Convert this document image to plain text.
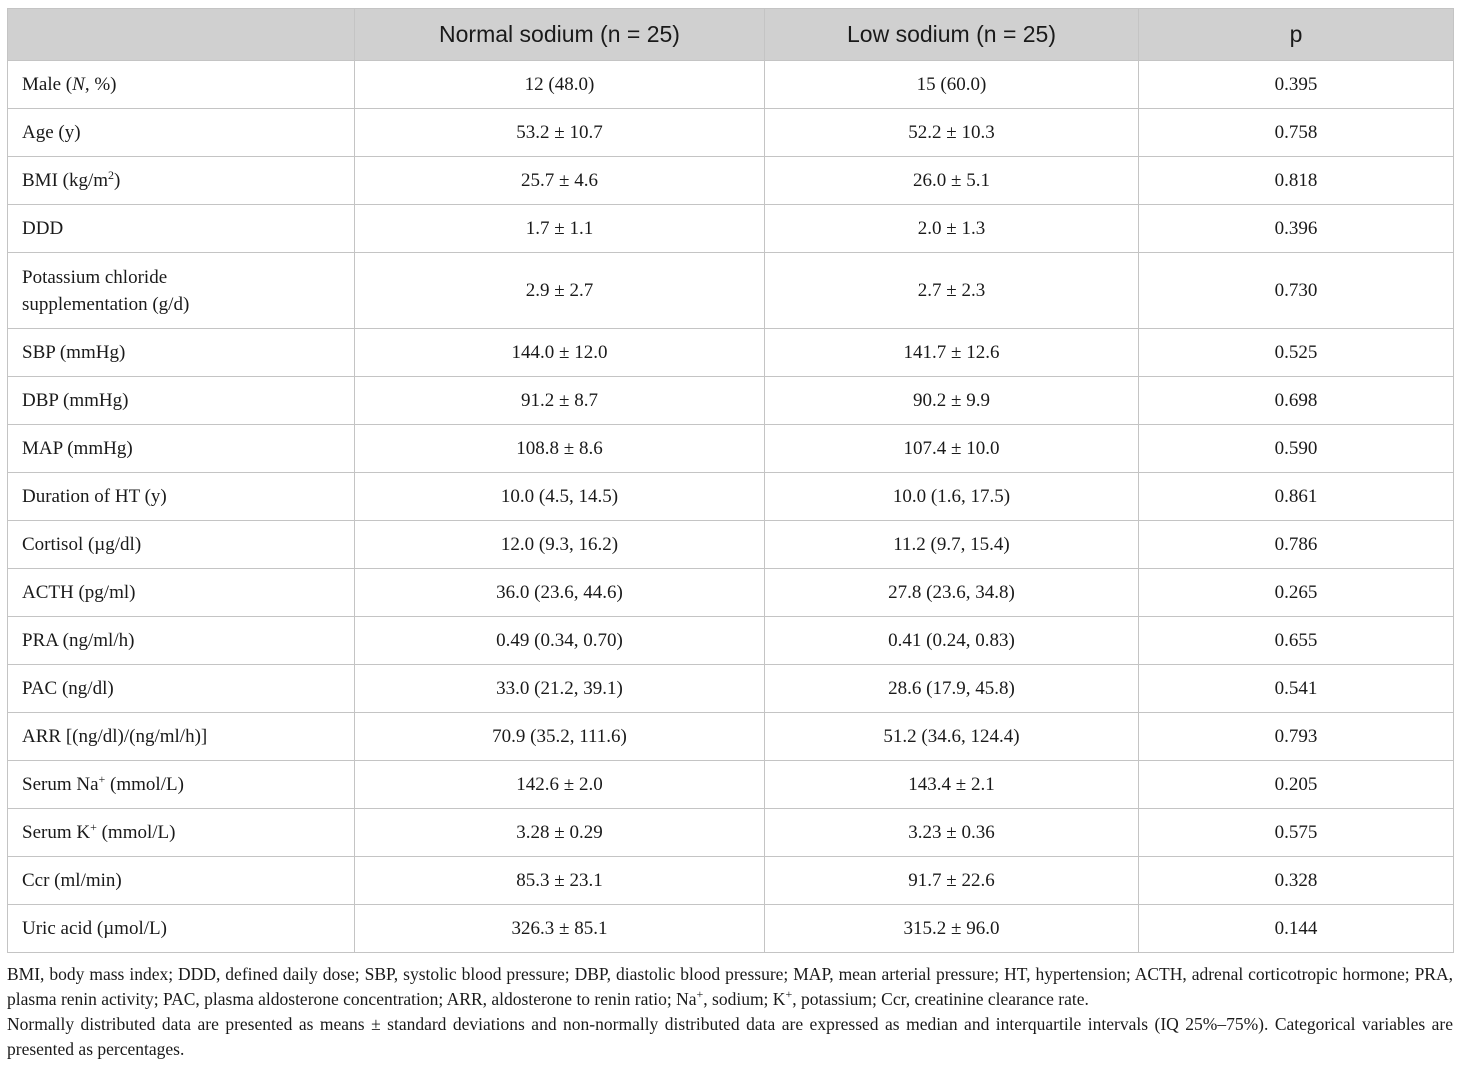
	Normal sodium (n = 25)	Low sodium (n = 25)	p
Male (N, %)	12 (48.0)	15 (60.0)	0.395
Age (y)	53.2 ± 10.7	52.2 ± 10.3	0.758
BMI $(kg/m^2)$	25.7 ± 4.6	26.0 ± 5.1	0.818
DDD	1.7 ± 1.1	2.0 ± 1.3	0.396
Potassium chloride
supplementation (g/d)	2.9 ± 2.7	2.7 ± 2.3	0.730
SBP (mmHg)	144.0 ± 12.0	141.7 ± 12.6	0.525
DBP (mmHg)	91.2 ± 8.7	90.2 ± 9.9	0.698
MAP (mmHg)	108.8 ± 8.6	107.4 ± 10.0	0.590
Duration of HT (y)	10.0 (4.5, 14.5)	10.0 (1.6, 17.5)	0.861
Cortisol (µg/dl)	12.0 (9.3, 16.2)	11.2 (9.7, 15.4)	0.786
ACTH (pg/ml)	36.0 (23.6, 44.6)	27.8 (23.6, 34.8)	0.265
PRA (ng/ml/h)	0.49 (0.34, 0.70)	0.41 (0.24, 0.83)	0.655
PAC (ng/dl)	33.0 (21.2, 39.1)	28.6 (17.9, 45.8)	0.541
ARR [(ng/dl)/(ng/ml/h)]	70.9 (35.2, 111.6)	51.2 (34.6, 124.4)	0.793
Serum Na+ (mmol/L)	142.6 ± 2.0	143.4 ± 2.1	0.205
Serum K+ (mmol/L)	3.28 ± 0.29	3.23 ± 0.36	0.575
Ccr (ml/min)	85.3 ± 23.1	91.7 ± 22.6	0.328
Uric acid (µmol/L)	326.3 ± 85.1	315.2 ± 96.0	0.144

BMI, body mass index; DDD, defined daily dose; SBP, systolic blood pressure; DBP, diastolic blood pressure; MAP, mean arterial pressure; HT, hypertension; ACTH, adrenal corticotropic hormone; PRA, plasma renin activity; PAC, plasma aldosterone concentration; ARR, aldosterone to renin ratio; Na+, sodium; K+, potassium; Ccr, creatinine clearance rate.

Normally distributed data are presented as means ± standard deviations and non-normally distributed data are expressed as median and interquartile intervals (IQ 25%–75%). Categorical variables are presented as percentages.
